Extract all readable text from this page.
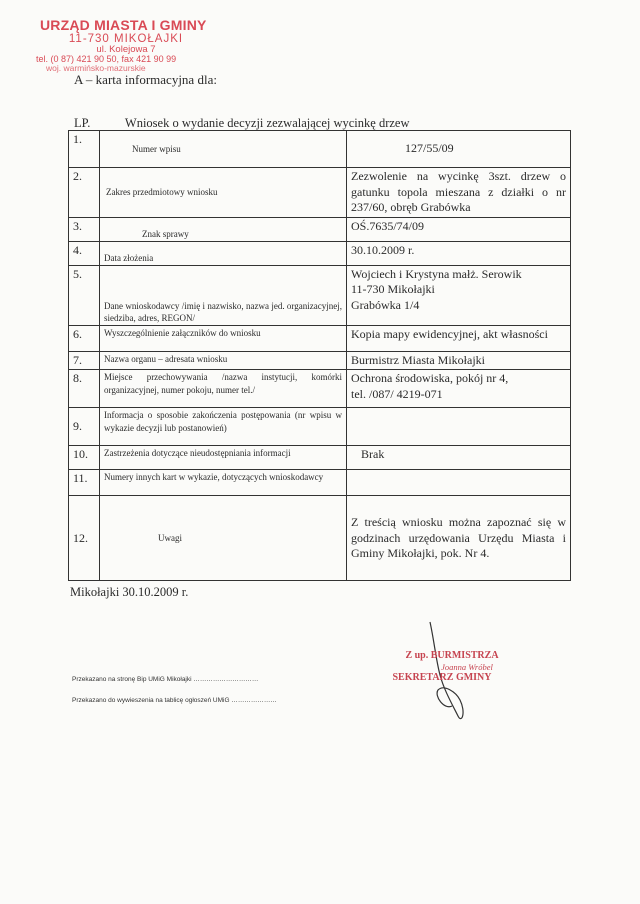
URZĄD MIASTA I GMINY
11-730 MIKOŁAJKI
ul. Kolejowa 7
tel. (0 87) 421 90 50, fax 421 90 99
woj. warmińsko-mazurskie
A – karta informacyjna dla:
LP.	Wniosek o wydanie decyzji zezwalającej wycinkę drzew
1.	Numer wpisu	127/55/09
2.	Zakres przedmiotowy wniosku	Zezwolenie na wycinkę 3szt. drzew o gatunku topola mieszana z działki o nr 237/60, obręb Grabówka
3.	Znak sprawy	OŚ.7635/74/09
4.	Data złożenia	30.10.2009 r.
5.	Dane wnioskodawcy /imię i nazwisko, nazwa jed. organizacyjnej, siedziba, adres, REGON/	Wojciech i Krystyna małż. Serowik
11-730 Mikołajki
Grabówka 1/4

6.	Wyszczególnienie załączników do wniosku	Kopia mapy ewidencyjnej, akt własności
7.	Nazwa organu – adresata wniosku	Burmistrz Miasta Mikołajki
8.	Miejsce przechowywania /nazwa instytucji, komórki organizacyjnej, numer pokoju, numer tel./	Ochrona środowiska, pokój nr 4,
tel. /087/ 4219-071

9.	Informacja o sposobie zakończenia postępowania (nr wpisu w wykazie decyzji lub postanowień)	
10.	Zastrzeżenia dotyczące nieudostępniania informacji	Brak
11.	Numery innych kart w wykazie, dotyczących wnioskodawcy	
12.	Uwagi	Z treścią wniosku można zapoznać się w godzinach urzędowania Urzędu Miasta i Gminy Mikołajki, pok. Nr 4.
Mikołajki 30.10.2009 r.
Przekazano na stronę Bip UMiG Mikołajki …………………………
Przekazano do wywieszenia na tablicę ogłoszeń UMiG …………………
Z up. BURMISTRZA
Joanna Wróbel
SEKRETARZ GMINY
